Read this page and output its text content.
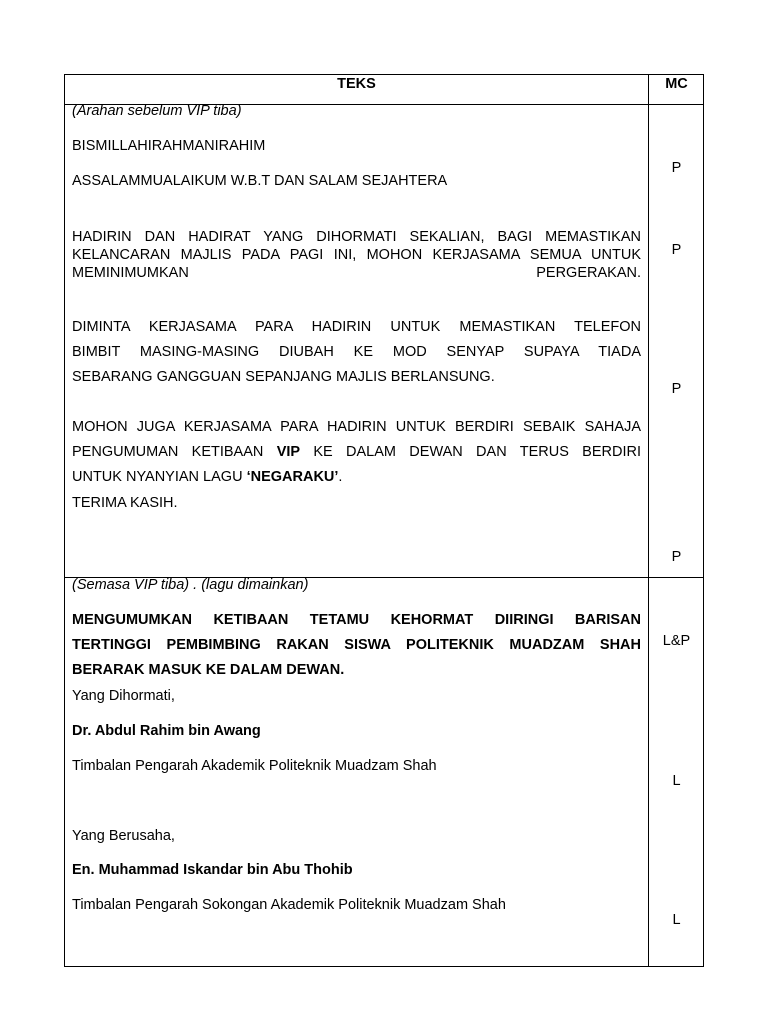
TEKS	MC
(Arahan sebelum VIP tiba)
BISMILLAHIRAHMANIRAHIM
ASSALAMMUALAIKUM W.B.T DAN SALAM SEJAHTERA
HADIRIN DAN HADIRAT YANG DIHORMATI SEKALIAN, BAGI MEMASTIKAN KELANCARAN MAJLIS PADA PAGI INI, MOHON KERJASAMA SEMUA UNTUK MEMINIMUMKAN PERGERAKAN.
DIMINTA KERJASAMA PARA HADIRIN UNTUK MEMASTIKAN TELEFON
BIMBIT MASING-MASING DIUBAH KE MOD SENYAP SUPAYA TIADA
SEBARANG GANGGUAN SEPANJANG MAJLIS BERLANSUNG.
MOHON JUGA KERJASAMA PARA HADIRIN UNTUK BERDIRI SEBAIK SAHAJA
PENGUMUMAN KETIBAAN VIP KE DALAM DEWAN DAN TERUS BERDIRI
UNTUK NYANYIAN LAGU ‘NEGARAKU’.
TERIMA KASIH.
P
P
P
P
(Semasa VIP tiba) . (lagu dimainkan)
MENGUMUMKAN KETIBAAN TETAMU KEHORMAT DIIRINGI BARISAN
TERTINGGI PEMBIMBING RAKAN SISWA POLITEKNIK MUADZAM SHAH
BERARAK MASUK KE DALAM DEWAN.
Yang Dihormati,
Dr. Abdul Rahim bin Awang
Timbalan Pengarah Akademik Politeknik Muadzam Shah
Yang Berusaha,
En. Muhammad Iskandar bin Abu Thohib
Timbalan Pengarah Sokongan Akademik Politeknik Muadzam Shah
L&P
L
L
